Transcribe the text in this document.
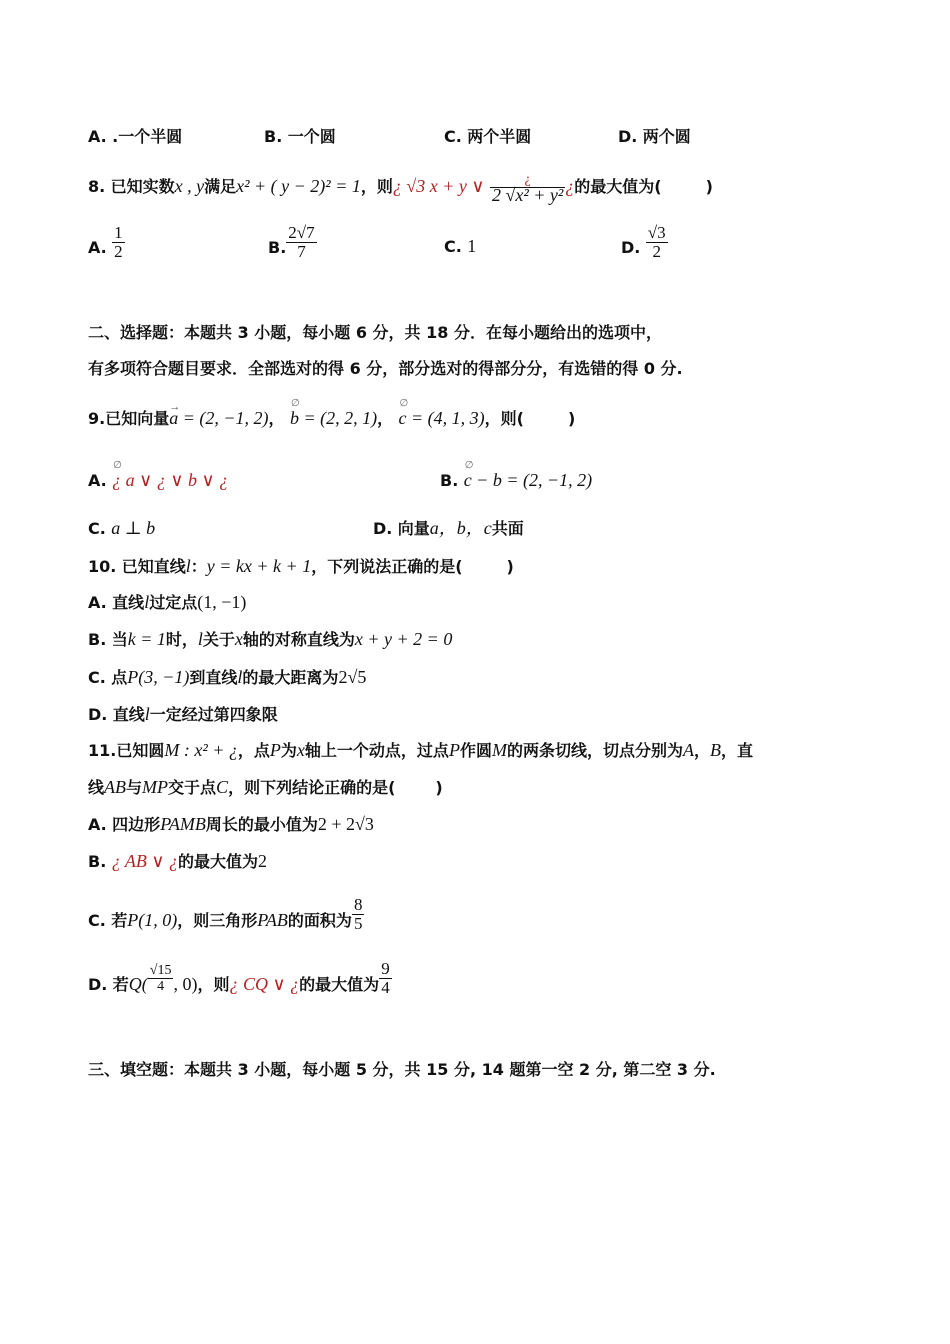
A. .一个半圆	B. 一个圆	C. 两个半圆	D. 两个圆
8. 已知实数x , y满足x² + ( y − 2)² = 1，则¿ √3 x + y ∨ $\frac{¿}{\text{2 √x² + y²}}$ ¿的最大值为(	)
A. $\frac{1}{2}$	B. $\frac{2√7}{7}$	C. 1	D. $\frac{√3}{2}$
二、选择题：本题共 3 小题，每小题 6 分，共 18 分．在每小题给出的选项中，
有多项符合题目要求．全部选对的得 6 分，部分选对的得部分分，有选错的得 0 分.
9.已知向量→ a = (2, −1, 2)， ∅ b = (2, 2, 1)， ∅ c = (4, 1, 3)，则(	)
A. ∅ ¿ a ∨ ¿ ∨ b ∨ ¿	B. ∅ c − b = (2, −1, 2)
C. a ⊥ b	D. 向量a，b，c共面
10. 已知直线l：y = kx + k + 1，下列说法正确的是(	)
A. 直线l过定点(1, −1)
B. 当k = 1时，l关于x轴的对称直线为x + y + 2 = 0
C. 点P(3, −1)到直线l的最大距离为2√5
D. 直线l一定经过第四象限
11.已知圆M : x² + ¿，点P为x轴上一个动点，过点P作圆M的两条切线，切点分别为A，B，直
线AB与MP交于点C，则下列结论正确的是(	)
A. 四边形PAMB周长的最小值为2 + 2√3
B. ¿ AB ∨ ¿的最大值为2
C. 若P(1, 0)，则三角形PAB的面积为 $\frac{8}{5}$
D. 若$Q( \frac{√15}{4}$ , 0)，则¿ CQ ∨ ¿的最大值为 $\frac{9}{4}$
三、填空题：本题共 3 小题，每小题 5 分，共 15 分, 14 题第一空 2 分, 第二空 3 分.
